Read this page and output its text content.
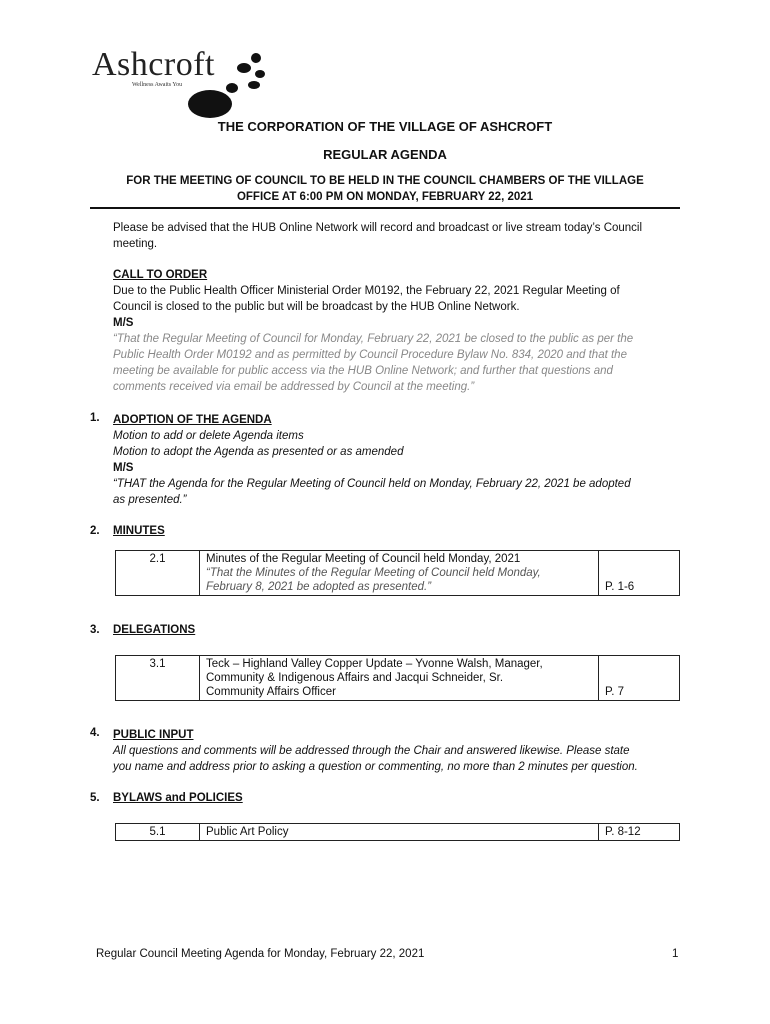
Ashcroft
Wellness Awaits You
THE CORPORATION OF THE VILLAGE OF ASHCROFT
REGULAR AGENDA
FOR THE MEETING OF COUNCIL TO BE HELD IN THE COUNCIL CHAMBERS OF THE VILLAGE
OFFICE AT 6:00 PM ON MONDAY, FEBRUARY 22, 2021
Please be advised that the HUB Online Network will record and broadcast or live stream today’s Council
meeting.
CALL TO ORDER
Due to the Public Health Officer Ministerial Order M0192, the February 22, 2021 Regular Meeting of
Council is closed to the public but will be broadcast by the HUB Online Network.
M/S
“That the Regular Meeting of Council for Monday, February 22, 2021 be closed to the public as per the
Public Health Order M0192 and as permitted by Council Procedure Bylaw No. 834, 2020 and that the
meeting be available for public access via the HUB Online Network; and further that questions and
comments received via email be addressed by Council at the meeting.”
1. ADOPTION OF THE AGENDA
Motion to add or delete Agenda items
Motion to adopt the Agenda as presented or as amended
M/S
“THAT the Agenda for the Regular Meeting of Council held on Monday, February 22, 2021 be adopted
as presented.”
2. MINUTES
2.1	Minutes of the Regular Meeting of Council held Monday, 2021
“That the Minutes of the Regular Meeting of Council held Monday,
February 8, 2021 be adopted as presented.”	P. 1-6
3. DELEGATIONS
3.1	Teck – Highland Valley Copper Update – Yvonne Walsh, Manager,
Community & Indigenous Affairs and Jacqui Schneider, Sr.
Community Affairs Officer	P. 7
4. PUBLIC INPUT
All questions and comments will be addressed through the Chair and answered likewise. Please state
you name and address prior to asking a question or commenting, no more than 2 minutes per question.
5. BYLAWS and POLICIES
5.1	Public Art Policy	P. 8-12
Regular Council Meeting Agenda for Monday, February 22, 2021	1
